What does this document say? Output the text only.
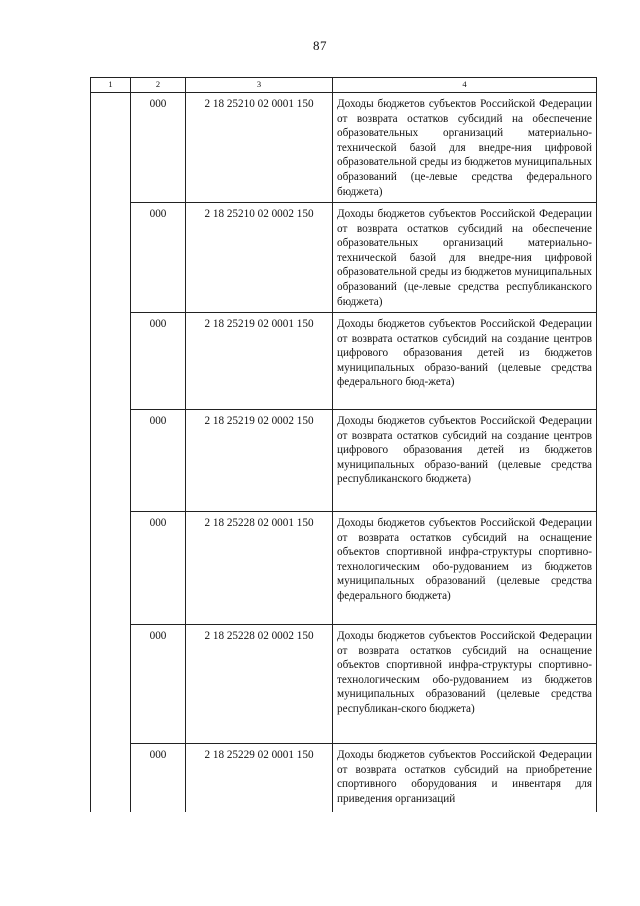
87
1	2	3	4
	000	2 18 25210 02 0001 150	Доходы бюджетов субъектов Российской Федерации от возврата остатков субсидий на обеспечение образовательных организаций материально-технической базой для внедре-ния цифровой образовательной среды из бюджетов муниципальных образований (це-левые средства федерального бюджета)
	000	2 18 25210 02 0002 150	Доходы бюджетов субъектов Российской Федерации от возврата остатков субсидий на обеспечение образовательных организаций материально-технической базой для внедре-ния цифровой образовательной среды из бюджетов муниципальных образований (це-левые средства республиканского бюджета)
	000	2 18 25219 02 0001 150	Доходы бюджетов субъектов Российской Федерации от возврата остатков субсидий на создание центров цифрового образования детей из бюджетов муниципальных образо-ваний (целевые средства федерального бюд-жета)
	000	2 18 25219 02 0002 150	Доходы бюджетов субъектов Российской Федерации от возврата остатков субсидий на создание центров цифрового образования детей из бюджетов муниципальных образо-ваний (целевые средства республиканского бюджета)
	000	2 18 25228 02 0001 150	Доходы бюджетов субъектов Российской Федерации от возврата остатков субсидий на оснащение объектов спортивной инфра-структуры спортивно-технологическим обо-рудованием из бюджетов муниципальных образований (целевые средства федерального бюджета)
	000	2 18 25228 02 0002 150	Доходы бюджетов субъектов Российской Федерации от возврата остатков субсидий на оснащение объектов спортивной инфра-структуры спортивно-технологическим обо-рудованием из бюджетов муниципальных образований (целевые средства республикан-ского бюджета)
	000	2 18 25229 02 0001 150	Доходы бюджетов субъектов Российской Федерации от возврата остатков субсидий на приобретение спортивного оборудования и инвентаря для приведения организаций
